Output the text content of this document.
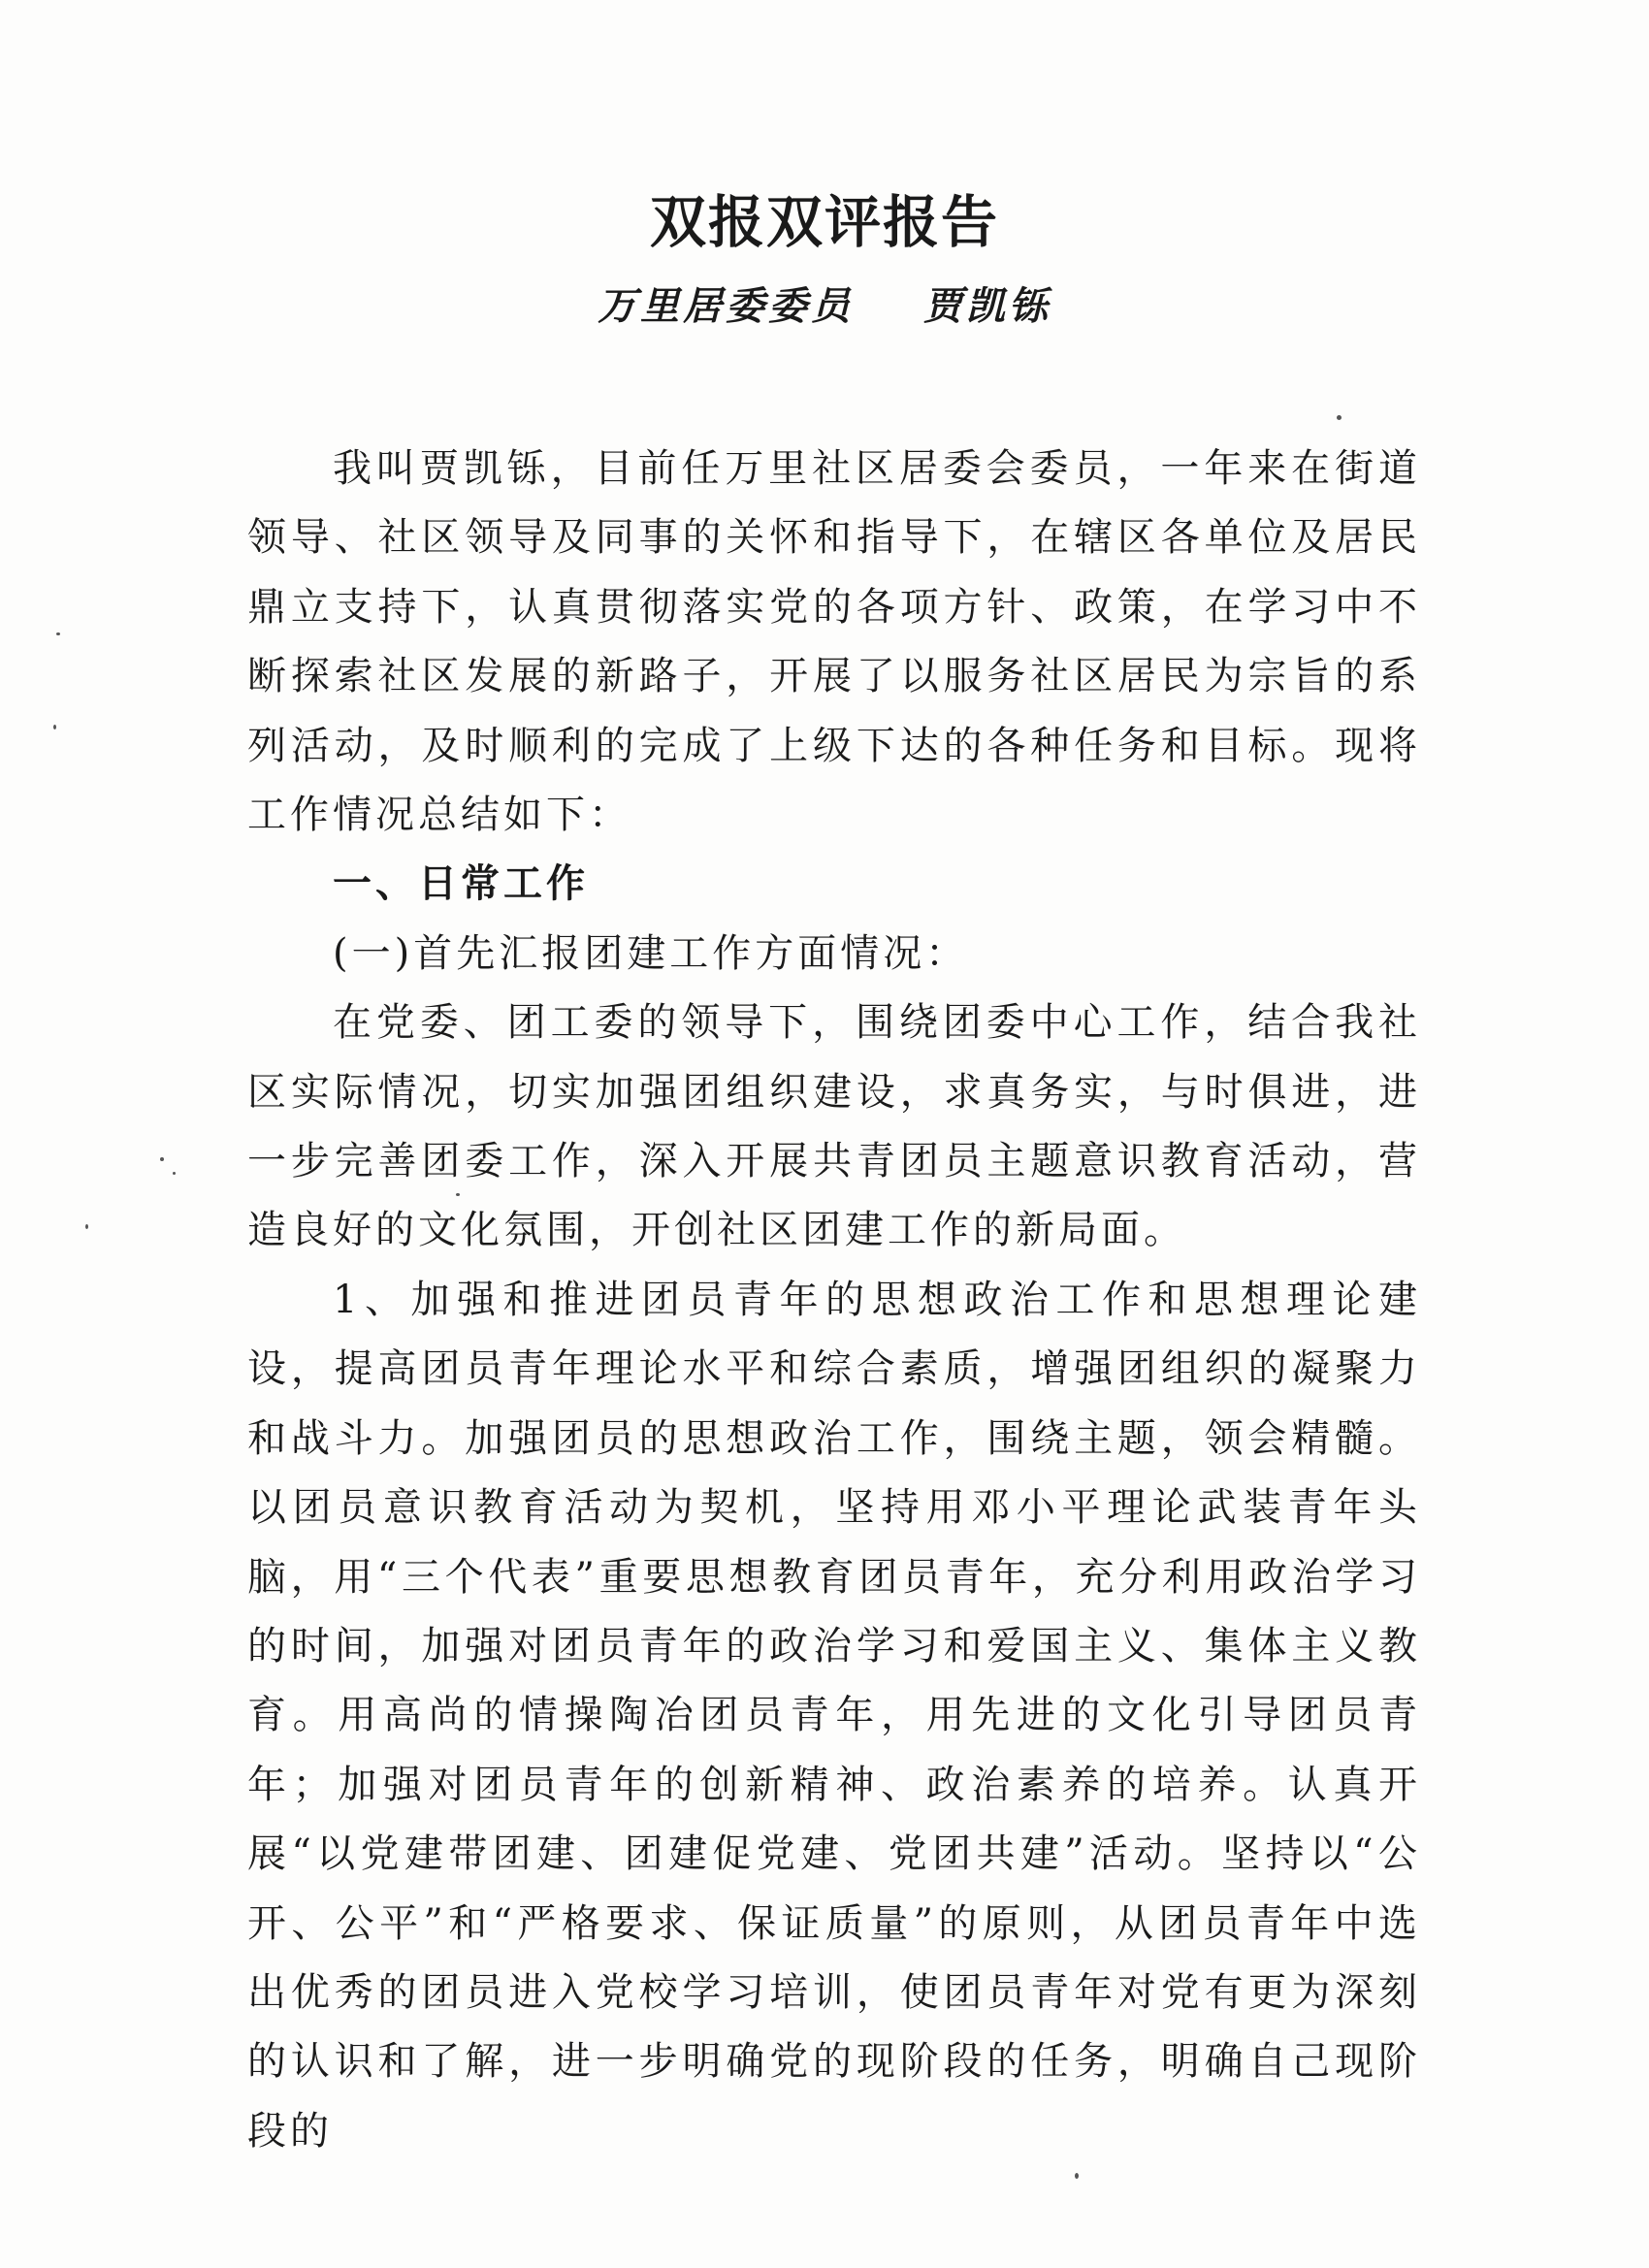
双报双评报告
万里居委委员    贾凯铄

我叫贾凯铄，目前任万里社区居委会委员，一年来在街道领导、社区领导及同事的关怀和指导下，在辖区各单位及居民鼎立支持下，认真贯彻落实党的各项方针、政策，在学习中不断探索社区发展的新路子，开展了以服务社区居民为宗旨的系列活动，及时顺利的完成了上级下达的各种任务和目标。现将工作情况总结如下：

一、日常工作

(一)首先汇报团建工作方面情况：

在党委、团工委的领导下，围绕团委中心工作，结合我社区实际情况，切实加强团组织建设，求真务实，与时俱进，进一步完善团委工作，深入开展共青团员主题意识教育活动，营造良好的文化氛围，开创社区团建工作的新局面。

1、加强和推进团员青年的思想政治工作和思想理论建设，提高团员青年理论水平和综合素质，增强团组织的凝聚力和战斗力。加强团员的思想政治工作，围绕主题，领会精髓。以团员意识教育活动为契机，坚持用邓小平理论武装青年头脑，用“三个代表”重要思想教育团员青年，充分利用政治学习的时间，加强对团员青年的政治学习和爱国主义、集体主义教育。用高尚的情操陶冶团员青年，用先进的文化引导团员青年；加强对团员青年的创新精神、政治素养的培养。认真开展“以党建带团建、团建促党建、党团共建”活动。坚持以“公开、公平”和“严格要求、保证质量”的原则，从团员青年中选出优秀的团员进入党校学习培训，使团员青年对党有更为深刻的认识和了解，进一步明确党的现阶段的任务，明确自己现阶段的
